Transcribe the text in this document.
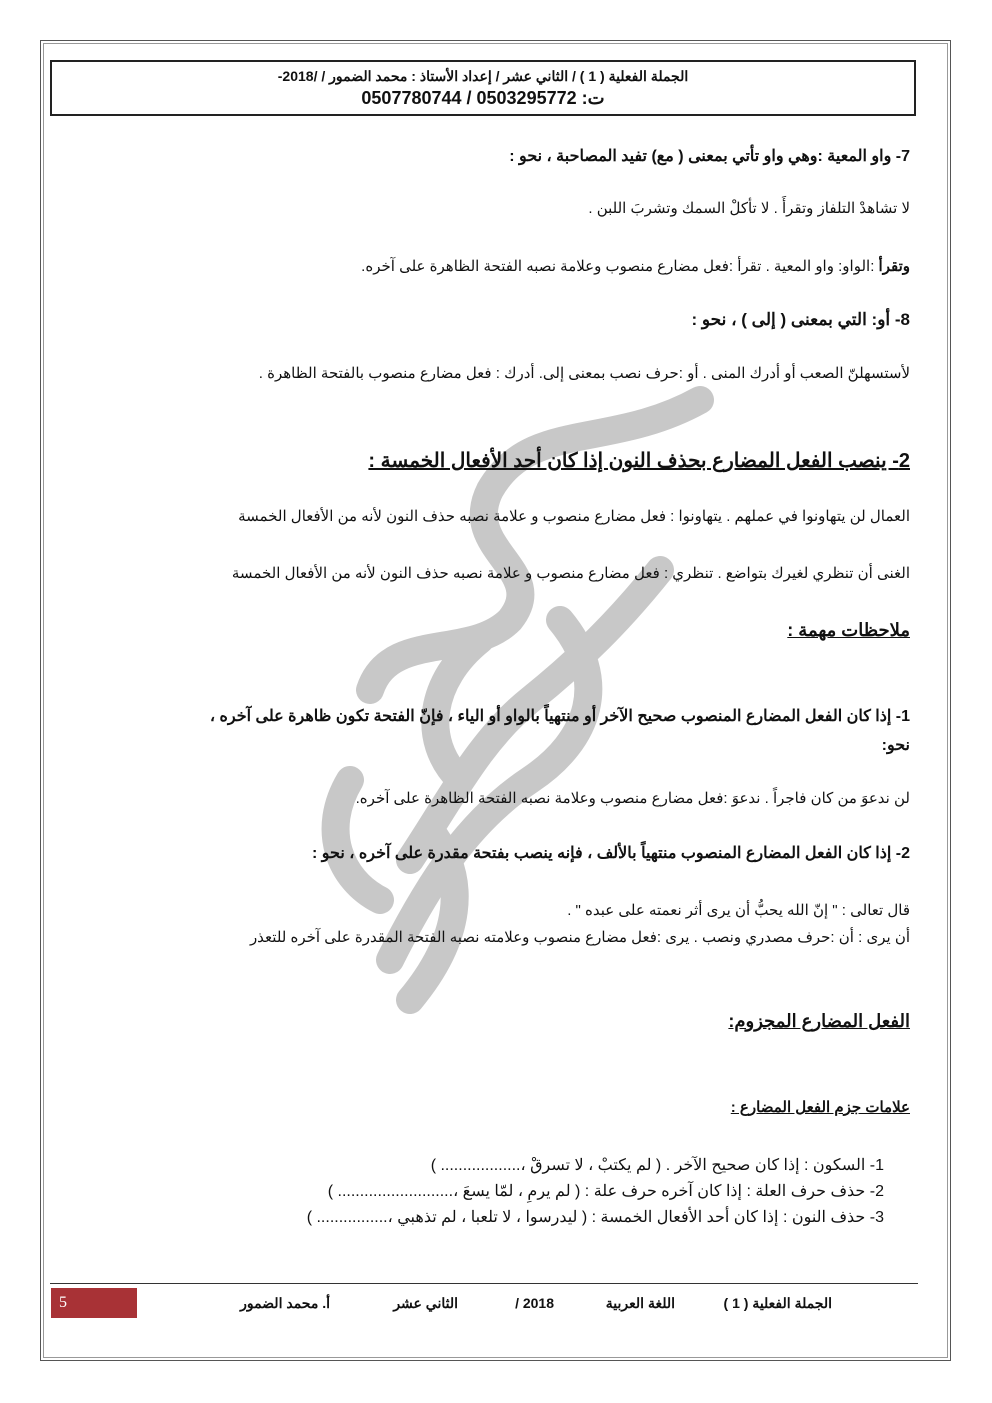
الجملة الفعلية ( 1 ) / الثاني عشر / إعداد الأستاذ : محمد الضمور / /2018-
ت: 0507780744 / 0503295772
7- واو المعية :وهي واو تأتي بمعنى ( مع) تفيد المصاحبة ، نحو :
لا تشاهدْ التلفاز وتقرأَ . لا تأكلْ السمك وتشربَ اللبن .
وتقرأ :الواو: واو المعية . تقرأ :فعل مضارع منصوب وعلامة نصبه الفتحة الظاهرة على آخره.
8- أو: التي بمعنى ( إلى ) ، نحو :
لأستسهلنّ الصعب أو أدرك المنى . أو :حرف نصب بمعنى إلى. أدرك : فعل مضارع منصوب بالفتحة الظاهرة .
2- ينصب الفعل المضارع بحذف النون إذا كان أحد الأفعال الخمسة :
العمال لن يتهاونوا في عملهم . يتهاونوا : فعل مضارع منصوب و علامة نصبه حذف النون لأنه من الأفعال الخمسة
الغنى أن تنظري لغيرك بتواضع . تنظري : فعل مضارع منصوب و علامة نصبه حذف النون لأنه من الأفعال الخمسة
ملاحظات مهمة :
1- إذا كان الفعل المضارع المنصوب صحيح الآخر أو منتهياً بالواو أو الياء ، فإنّ الفتحة تكون ظاهرة على آخره ،
نحو:
لن ندعوَ من كان فاجراً . ندعوَ :فعل مضارع منصوب وعلامة نصبه الفتحة الظاهرة على آخره.
2- إذا كان الفعل المضارع المنصوب منتهياً بالألف ، فإنه ينصب بفتحة مقدرة على آخره ، نحو :
قال تعالى : " إنّ الله يحبُّ أن يرى أثر نعمته على عبده " .
أن يرى : أن :حرف مصدري ونصب . يرى :فعل مضارع منصوب وعلامته نصبه الفتحة المقدرة على آخره للتعذر
الفعل المضارع المجزوم:
علامات جزم الفعل المضارع :
1- السكون : إذا كان صحيح الآخر . ( لم يكتبْ ، لا تسرقْ ،.................. )
2- حذف حرف العلة : إذا كان آخره حرف علة : ( لم يرمِ ، لمّا يسعَ ،.......................... )
3- حذف النون : إذا كان أحد الأفعال الخمسة : ( ليدرسوا ، لا تلعبا ، لم تذهبي ،................ )
5	الجملة الفعلية ( 1 )
اللغة العربية
2018 /
الثاني عشر
أ. محمد الضمور
